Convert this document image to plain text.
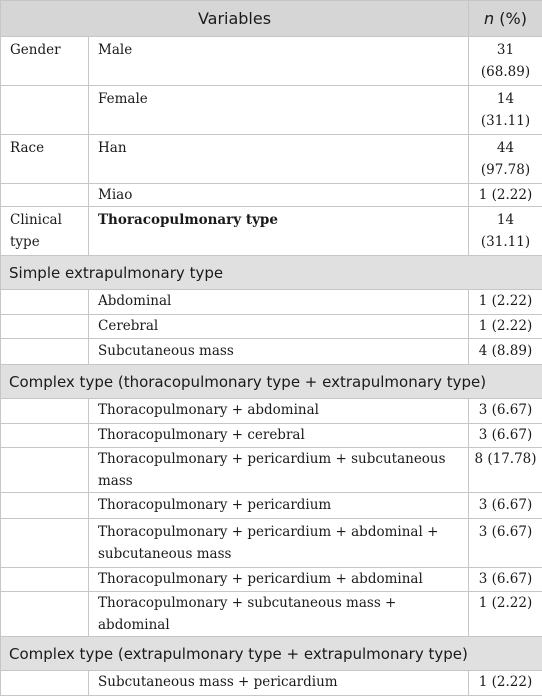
Variables		n (%)

Gender	Male	31 (68.89)

	Female	14 (31.11)

Race	Han	44 (97.78)

	Miao	1 (2.22)

Clinical type	Thoracopulmonary type	14 (31.11)

Simple extrapulmonary type		

	Abdominal	1 (2.22)

	Cerebral	1 (2.22)

	Subcutaneous mass	4 (8.89)

Complex type (thoracopulmonary type + extrapulmonary type)		

	Thoracopulmonary + abdominal	3 (6.67)

	Thoracopulmonary + cerebral	3 (6.67)

	Thoracopulmonary + pericardium + subcutaneous mass	8 (17.78)

	Thoracopulmonary + pericardium	3 (6.67)

	Thoracopulmonary + pericardium + abdominal + subcutaneous mass	3 (6.67)

	Thoracopulmonary + pericardium + abdominal	3 (6.67)

	Thoracopulmonary + subcutaneous mass + abdominal	1 (2.22)

Complex type (extrapulmonary type + extrapulmonary type)		

	Subcutaneous mass + pericardium	1 (2.22)
